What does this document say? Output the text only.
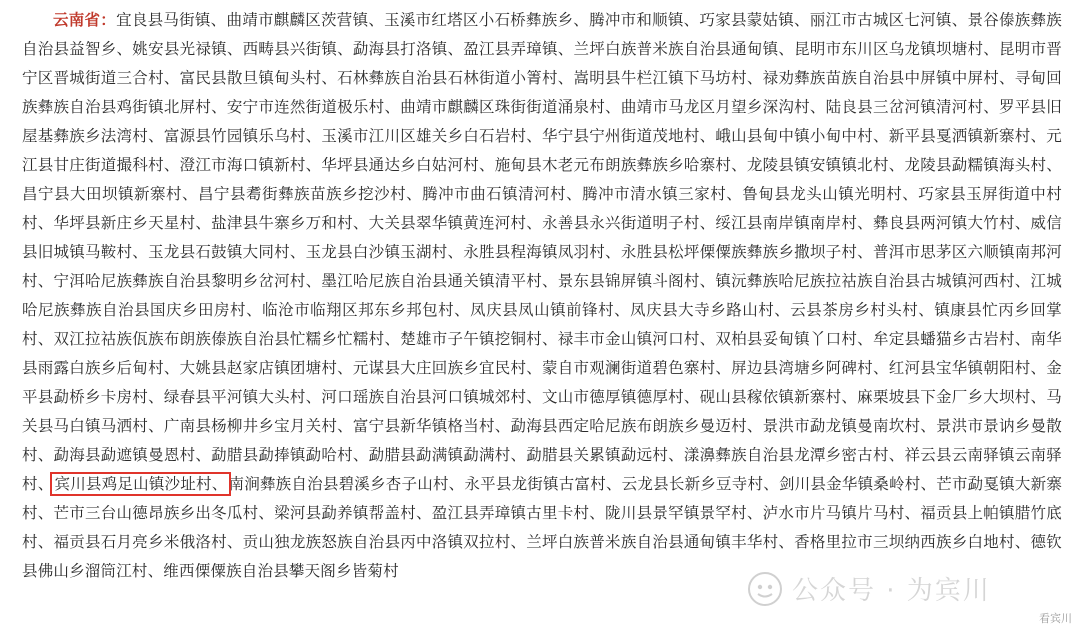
云南省：宜良县马街镇、曲靖市麒麟区茨营镇、玉溪市红塔区小石桥彝族乡、腾冲市和顺镇、巧家县蒙姑镇、丽江市古城区七河镇、景谷傣族彝族自治县益智乡、姚安县光禄镇、西畴县兴街镇、勐海县打洛镇、盈江县弄璋镇、兰坪白族普米族自治县通甸镇、昆明市东川区乌龙镇坝塘村、昆明市晋宁区晋城街道三合村、富民县散旦镇甸头村、石林彝族自治县石林街道小箐村、嵩明县牛栏江镇下马坊村、禄劝彝族苗族自治县中屏镇中屏村、寻甸回族彝族自治县鸡街镇北屏村、安宁市连然街道极乐村、曲靖市麒麟区珠街街道涌泉村、曲靖市马龙区月望乡深沟村、陆良县三岔河镇清河村、罗平县旧屋基彝族乡法湾村、富源县竹园镇乐乌村、玉溪市江川区雄关乡白石岩村、华宁县宁州街道茂地村、峨山县甸中镇小甸中村、新平县戛洒镇新寨村、元江县甘庄街道撮科村、澄江市海口镇新村、华坪县通达乡白姑河村、施甸县木老元布朗族彝族乡哈寨村、龙陵县镇安镇镇北村、龙陵县勐糯镇海头村、昌宁县大田坝镇新寨村、昌宁县耈街彝族苗族乡挖沙村、腾冲市曲石镇清河村、腾冲市清水镇三家村、鲁甸县龙头山镇光明村、巧家县玉屏街道中村村、华坪县新庄乡天星村、盐津县牛寨乡万和村、大关县翠华镇黄连河村、永善县永兴街道明子村、绥江县南岸镇南岸村、彝良县两河镇大竹村、威信县旧城镇马鞍村、玉龙县石鼓镇大同村、玉龙县白沙镇玉湖村、永胜县程海镇凤羽村、永胜县松坪傈僳族彝族乡撒坝子村、普洱市思茅区六顺镇南邦河村、宁洱哈尼族彝族自治县黎明乡岔河村、墨江哈尼族自治县通关镇清平村、景东县锦屏镇斗阁村、镇沅彝族哈尼族拉祜族自治县古城镇河西村、江城哈尼族彝族自治县国庆乡田房村、临沧市临翔区邦东乡邦包村、凤庆县凤山镇前锋村、凤庆县大寺乡路山村、云县茶房乡村头村、镇康县忙丙乡回掌村、双江拉祜族佤族布朗族傣族自治县忙糯乡忙糯村、楚雄市子午镇挖铜村、禄丰市金山镇河口村、双柏县妥甸镇丫口村、牟定县蟠猫乡古岩村、南华县雨露白族乡后甸村、大姚县赵家店镇团塘村、元谋县大庄回族乡宜民村、蒙自市观澜街道碧色寨村、屏边县湾塘乡阿碑村、红河县宝华镇朝阳村、金平县勐桥乡卡房村、绿春县平河镇大头村、河口瑶族自治县河口镇城郊村、文山市德厚镇德厚村、砚山县稼依镇新寨村、麻栗坡县下金厂乡大坝村、马关县马白镇马洒村、广南县杨柳井乡宝月关村、富宁县新华镇格当村、勐海县西定哈尼族布朗族乡曼迈村、景洪市勐龙镇曼南坎村、景洪市景讷乡曼散村、勐海县勐遮镇曼恩村、勐腊县勐捧镇勐哈村、勐腊县勐满镇勐满村、勐腊县关累镇勐远村、漾濞彝族自治县龙潭乡密古村、祥云县云南驿镇云南驿村、宾川县鸡足山镇沙址村、南涧彝族自治县碧溪乡杏子山村、永平县龙街镇古富村、云龙县长新乡豆寺村、剑川县金华镇桑岭村、芒市勐戛镇大新寨村、芒市三台山德昂族乡出冬瓜村、梁河县勐养镇帮盖村、盈江县弄璋镇古里卡村、陇川县景罕镇景罕村、泸水市片马镇片马村、福贡县上帕镇腊竹底村、福贡县石月亮乡米俄洛村、贡山独龙族怒族自治县丙中洛镇双拉村、兰坪白族普米族自治县通甸镇丰华村、香格里拉市三坝纳西族乡白地村、德钦县佛山乡溜筒江村、维西傈僳族自治县攀天阁乡皆菊村
公众号 · 为宾川
看宾川
